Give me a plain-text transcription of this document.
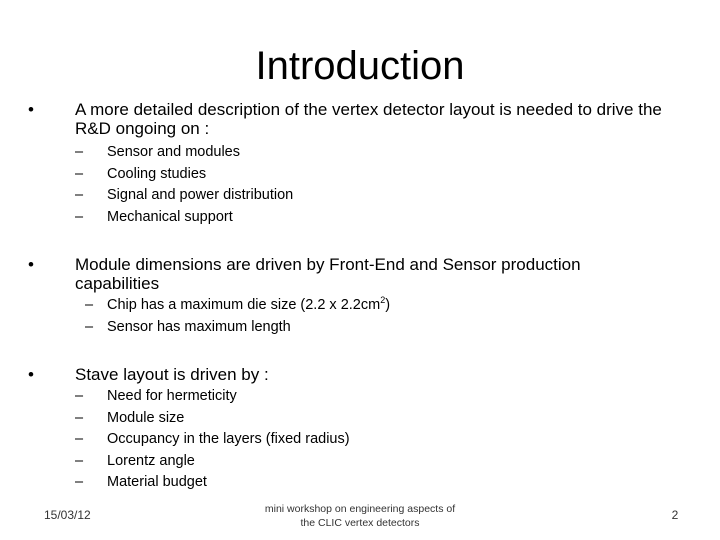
Introduction
• A more detailed description of the vertex detector layout is needed to drive the R&D ongoing on :
– Sensor and modules
– Cooling studies
– Signal and power distribution
– Mechanical support
• Module dimensions are driven by Front-End and Sensor production capabilities
– Chip has a maximum die size (2.2 x $2.2cm^2$)
– Sensor has maximum length
• Stave layout is driven by :
– Need for hermeticity
– Module size
– Occupancy in the layers (fixed radius)
– Lorentz angle
– Material budget
15/03/12	mini workshop on engineering aspects of
the CLIC vertex detectors
2
